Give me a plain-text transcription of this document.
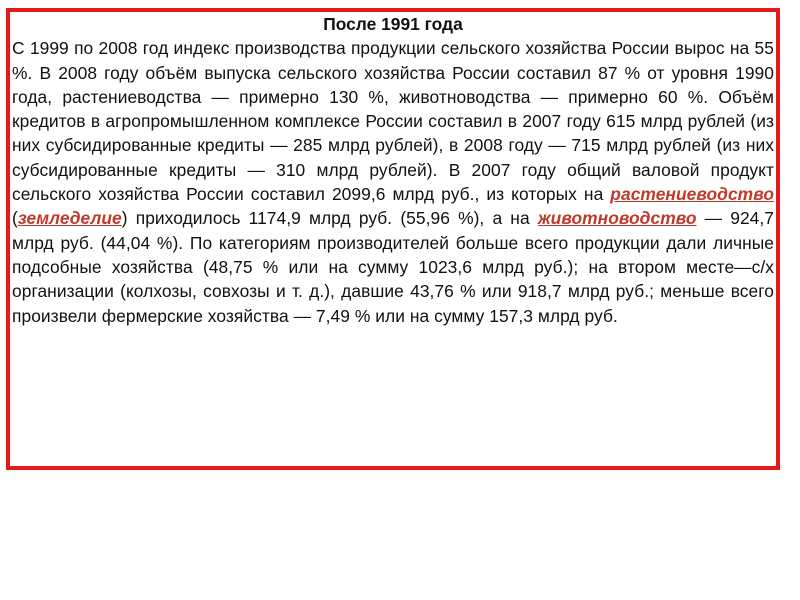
После 1991 года

С 1999 по 2008 год индекс производства продукции сельского хозяйства России вырос на 55 %. В 2008 году объём выпуска сельского хозяйства России составил 87 % от уровня 1990 года, растениеводства — примерно 130 %, животноводства — примерно 60 %. Объём кредитов в агропромышленном комплексе России составил в 2007 году 615 млрд рублей (из них субсидированные кредиты — 285 млрд рублей), в 2008 году — 715 млрд рублей (из них субсидированные кредиты — 310 млрд рублей). В 2007 году общий валовой продукт сельского хозяйства России составил 2099,6 млрд руб., из которых на растениеводство (земледелие) приходилось 1174,9 млрд руб. (55,96 %), а на животноводство — 924,7 млрд руб. (44,04 %). По категориям производителей больше всего продукции дали личные подсобные хозяйства (48,75 % или на сумму 1023,6 млрд руб.); на втором месте—с/х организации (колхозы, совхозы и т. д.), давшие 43,76 % или 918,7 млрд руб.; меньше всего произвели фермерские хозяйства — 7,49 % или на сумму 157,3 млрд руб.
